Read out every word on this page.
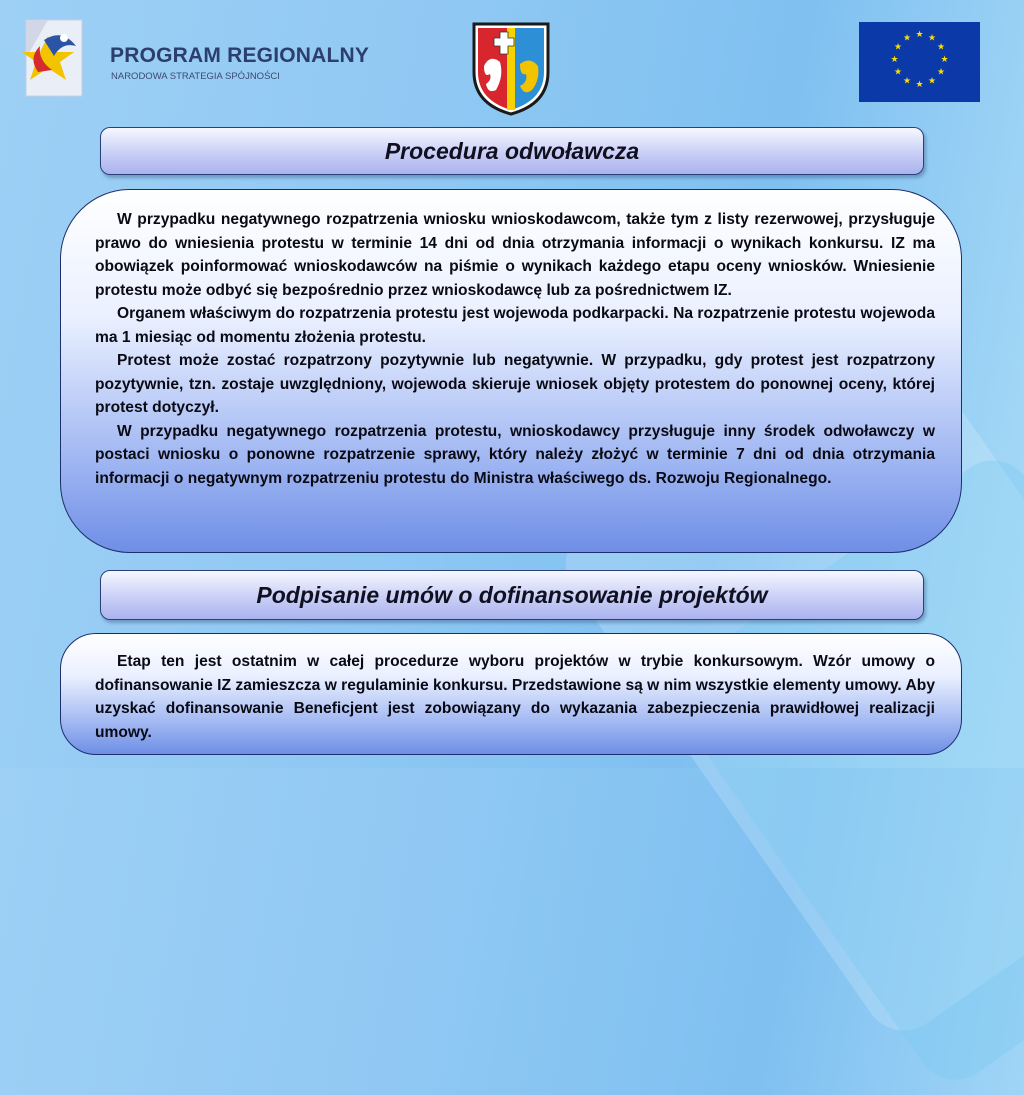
PROGRAM REGIONALNY
NARODOWA STRATEGIA SPÓJNOŚCI
★ ★
★
★
★
★
★
★
★
★
★
★
Procedura odwoławcza

W przypadku negatywnego rozpatrzenia wniosku wnioskodawcom, także tym z listy rezerwowej, przysługuje prawo do wniesienia protestu w terminie 14 dni od dnia otrzymania informacji o wynikach konkursu. IZ ma obowiązek poinformować wnioskodawców na piśmie o wynikach każdego etapu oceny wniosków. Wniesienie protestu może odbyć się bezpośrednio przez wnioskodawcę lub za pośrednictwem IZ.

Organem właściwym do rozpatrzenia protestu jest wojewoda podkarpacki. Na rozpatrzenie protestu wojewoda ma 1 miesiąc od momentu złożenia protestu.

Protest może zostać rozpatrzony pozytywnie lub negatywnie. W przypadku, gdy protest jest rozpatrzony pozytywnie, tzn. zostaje uwzględniony, wojewoda skieruje wniosek objęty protestem do ponownej oceny, której protest dotyczył.

W przypadku negatywnego rozpatrzenia protestu, wnioskodawcy przysługuje inny środek odwoławczy w postaci wniosku o ponowne rozpatrzenie sprawy, który należy złożyć w terminie 7 dni od dnia otrzymania informacji o negatywnym rozpatrzeniu protestu do Ministra właściwego ds. Rozwoju Regionalnego.

Podpisanie umów o dofinansowanie projektów

Etap ten jest ostatnim w całej procedurze wyboru projektów w trybie konkursowym. Wzór umowy o dofinansowanie IZ zamieszcza w regulaminie konkursu. Przedstawione są w nim wszystkie elementy umowy. Aby uzyskać dofinansowanie Beneficjent jest zobowiązany do wykazania zabezpieczenia prawidłowej realizacji umowy.
